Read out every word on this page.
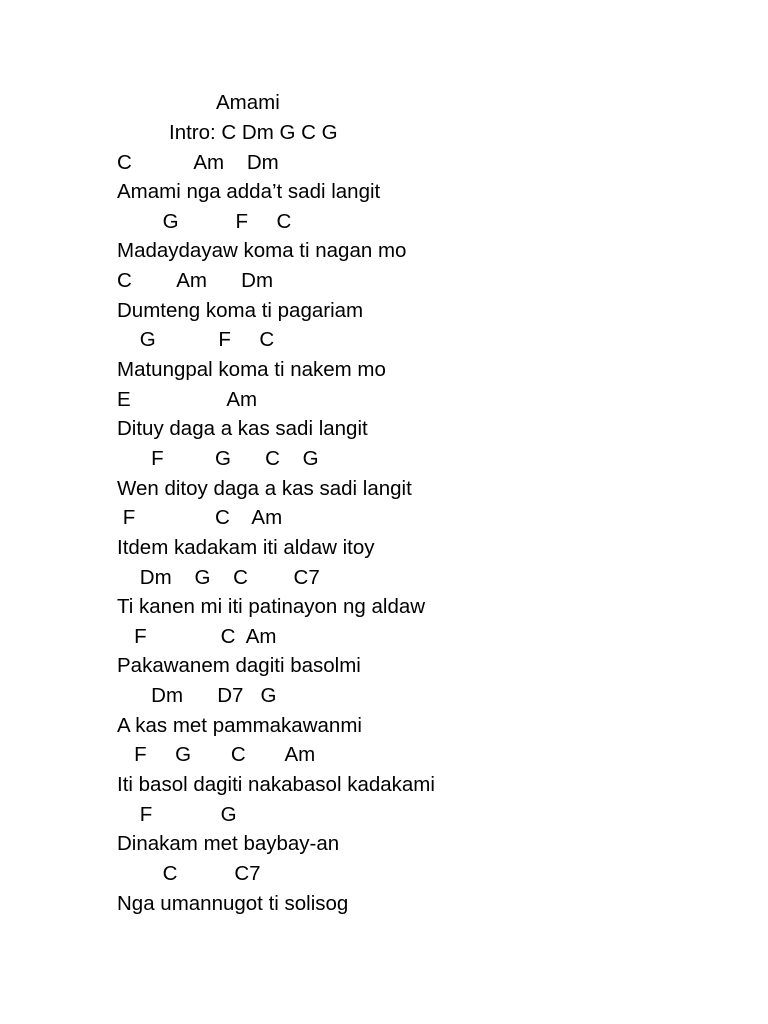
Amami

Intro: C Dm G C G

C           Am    Dm

Amami nga adda’t sadi langit

G          F     C

Madaydayaw koma ti nagan mo

C        Am      Dm

Dumteng koma ti pagariam

G           F     C

Matungpal koma ti nakem mo

E                 Am

Dituy daga a kas sadi langit

F         G      C    G

Wen ditoy daga a kas sadi langit

F              C    Am

Itdem kadakam iti aldaw itoy

Dm    G    C        C7

Ti kanen mi iti patinayon ng aldaw

F             C  Am

Pakawanem dagiti basolmi

Dm      D7   G

A kas met pammakawanmi

F     G       C       Am

Iti basol dagiti nakabasol kadakami

F            G

Dinakam met baybay-an

C          C7

Nga umannugot ti solisog
